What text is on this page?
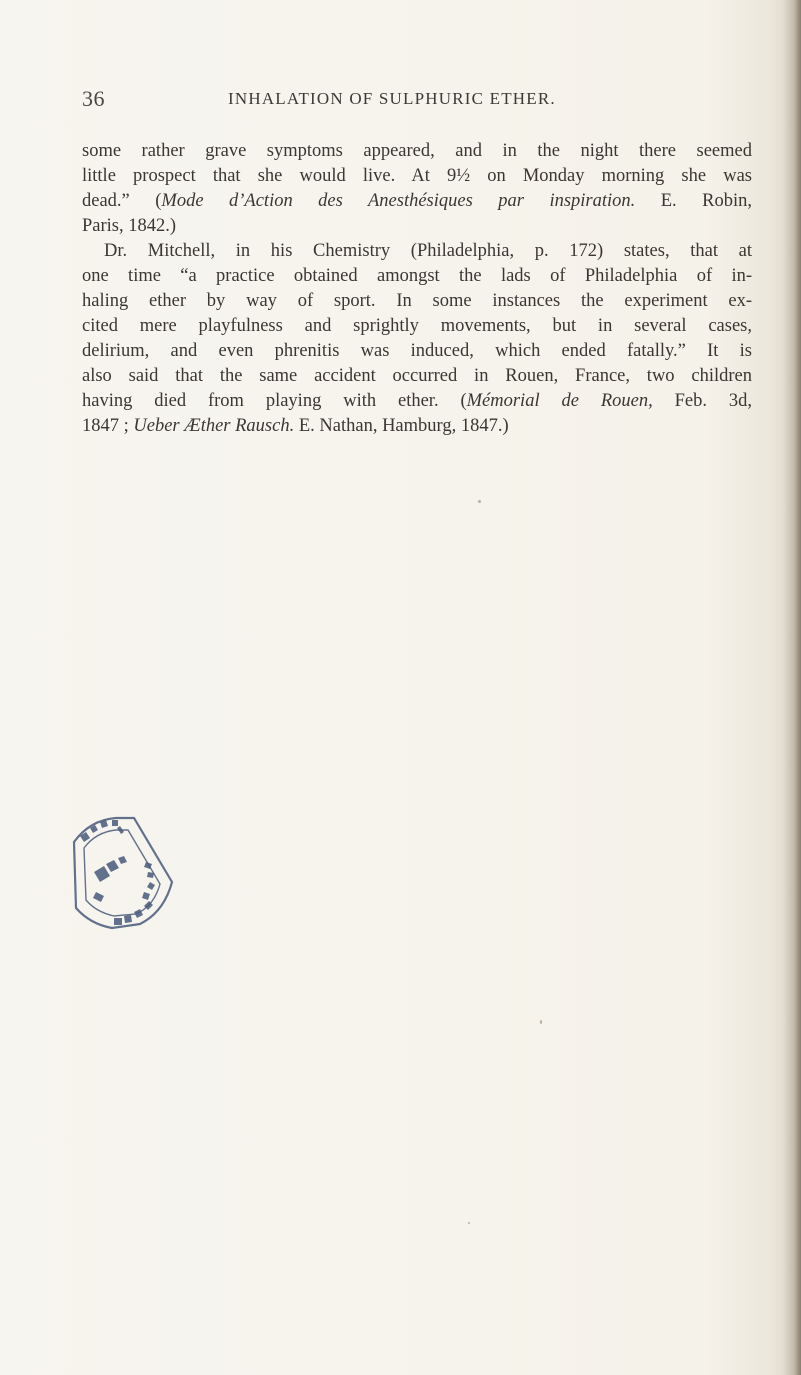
36	INHALATION OF SULPHURIC ETHER.
some rather grave symptoms appeared, and in the night there seemed
little prospect that she would live. At 9½ on Monday morning she was
dead.” (Mode d’Action des Anesthésiques par inspiration. E. Robin,
Paris, 1842.)
Dr. Mitchell, in his Chemistry (Philadelphia, p. 172) states, that at
one time “a practice obtained amongst the lads of Philadelphia of in-
haling ether by way of sport. In some instances the experiment ex-
cited mere playfulness and sprightly movements, but in several cases,
delirium, and even phrenitis was induced, which ended fatally.” It is
also said that the same accident occurred in Rouen, France, two children
having died from playing with ether. (Mémorial de Rouen, Feb. 3d,
1847 ; Ueber Æther Rausch. E. Nathan, Hamburg, 1847.)
